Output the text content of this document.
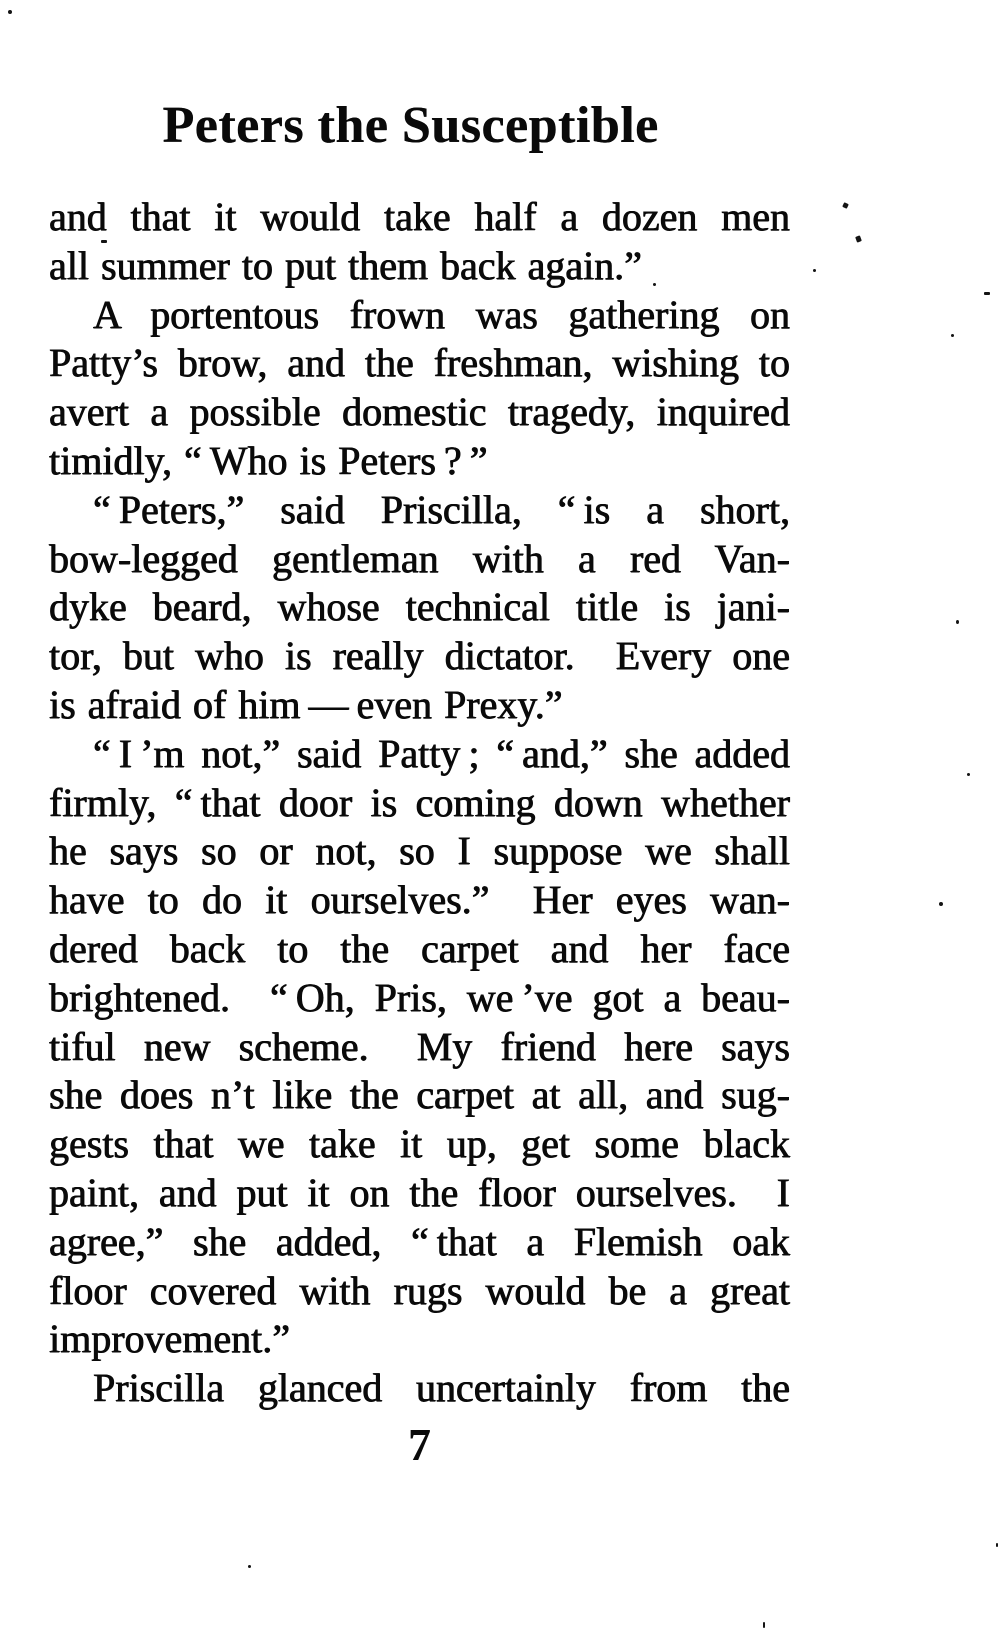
Peters the Susceptible
and that it would take half a dozen men
all summer to put them back again.”
A portentous frown was gathering on
Patty’s brow, and the freshman, wishing to
avert a possible domestic tragedy, inquired
timidly, “ Who is Peters ? ”
“ Peters,” said Priscilla, “ is a short,
bow-legged gentleman with a red Van-
dyke beard, whose technical title is jani-
tor, but who is really dictator.  Every one
is afraid of him — even Prexy.”
“ I ’m not,” said Patty ; “ and,” she added
firmly, “ that door is coming down whether
he says so or not, so I suppose we shall
have to do it ourselves.”  Her eyes wan-
dered back to the carpet and her face
brightened.  “ Oh, Pris, we ’ve got a beau-
tiful new scheme.  My friend here says
she does n’t like the carpet at all, and sug-
gests that we take it up, get some black
paint, and put it on the floor ourselves.  I
agree,” she added, “ that a Flemish oak
floor covered with rugs would be a great
improvement.”
Priscilla glanced uncertainly from the
7
